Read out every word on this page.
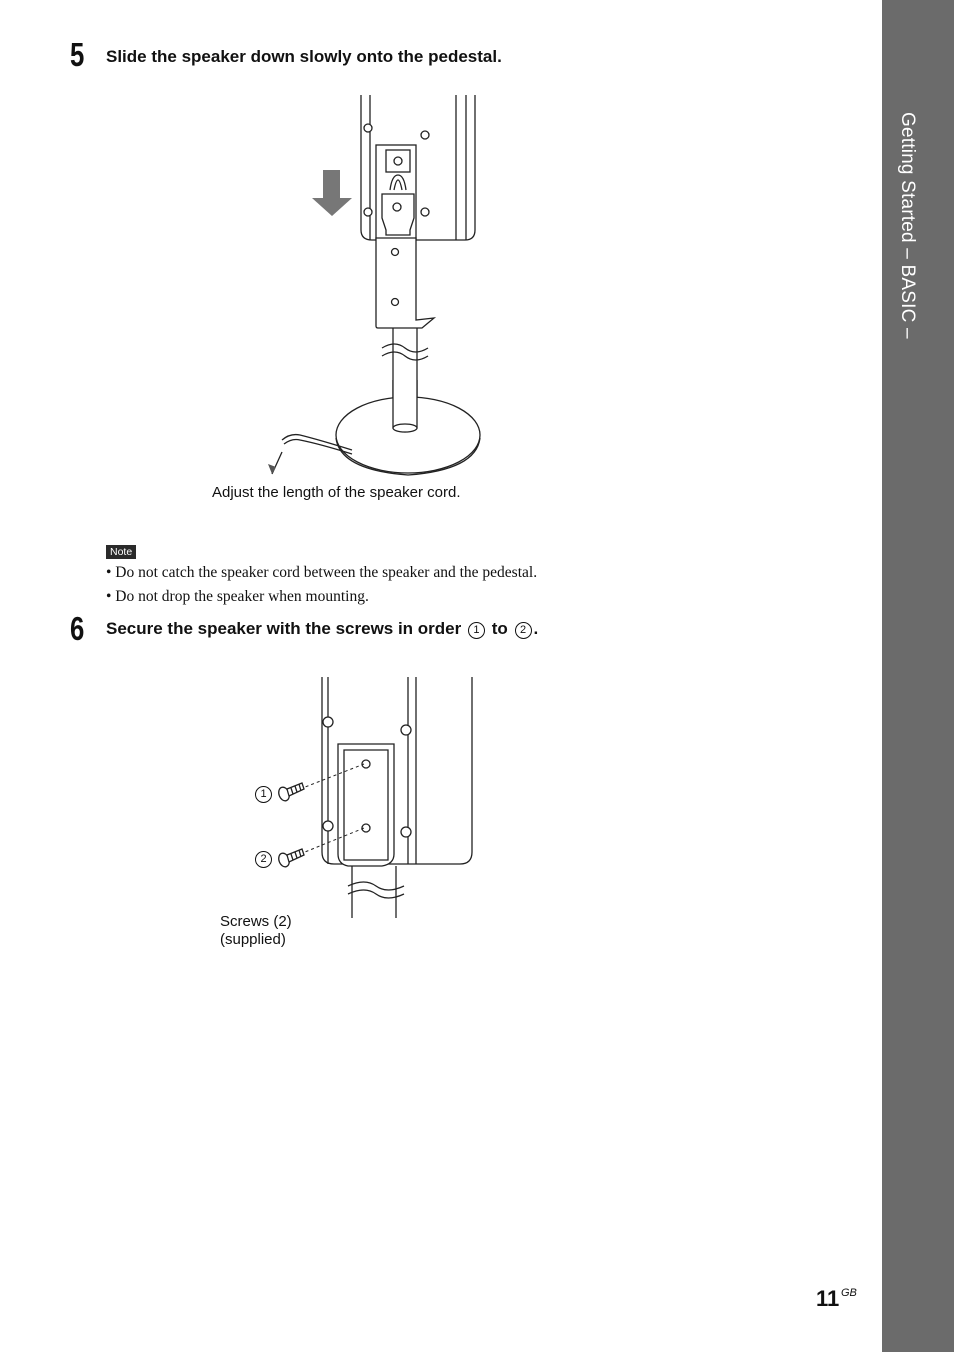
Getting Started – BASIC –
5 Slide the speaker down slowly onto the pedestal.
Adjust the length of the speaker cord.
Note
• Do not catch the speaker cord between the speaker and the pedestal.
• Do not drop the speaker when mounting.
6 Secure the speaker with the screws in order 1 to 2 .
1
2
Screws (2)
(supplied)
11 GB
